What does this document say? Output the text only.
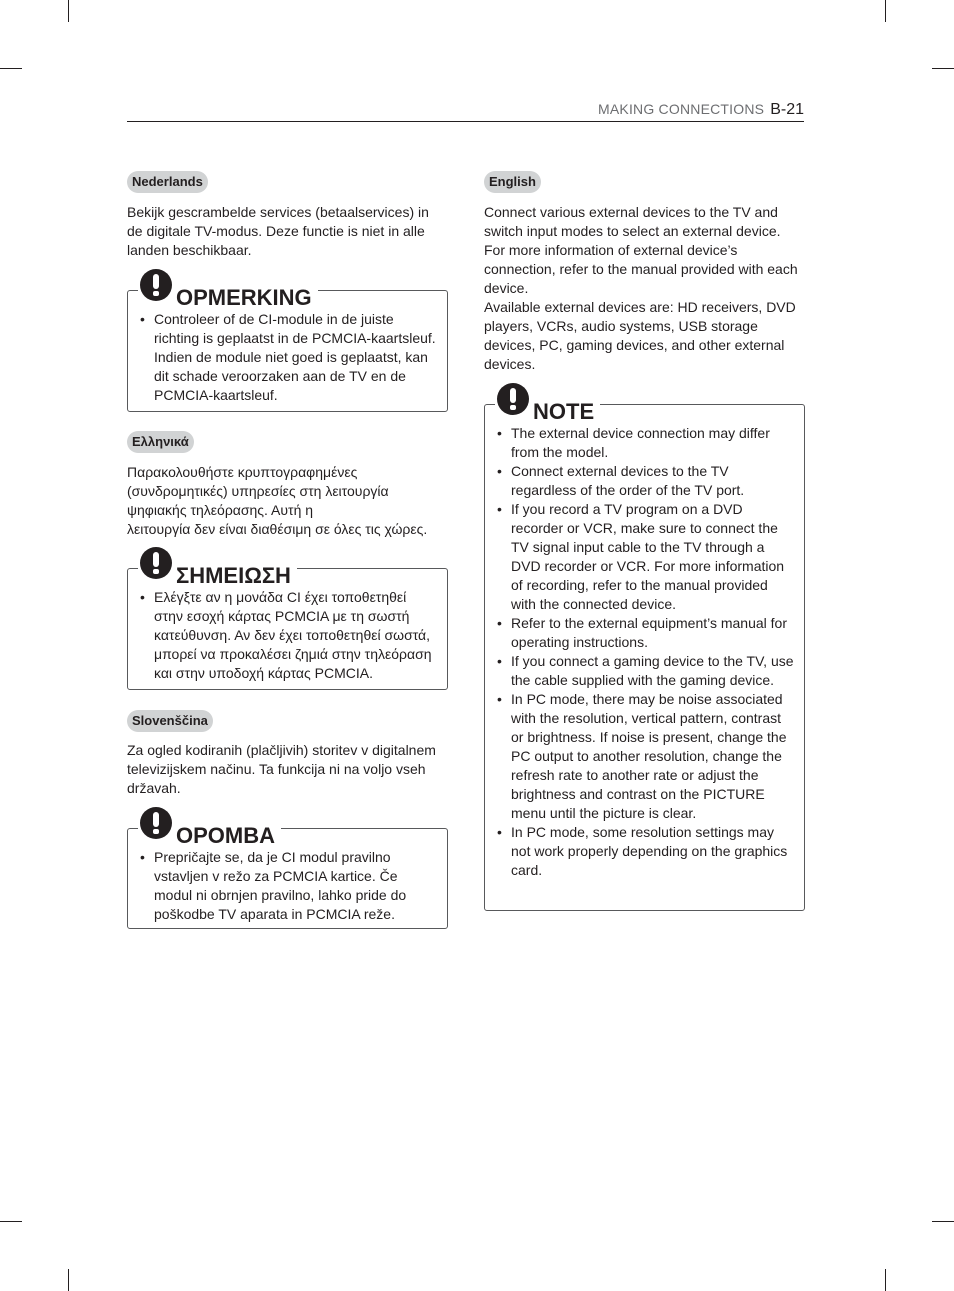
MAKING CONNECTIONS B-21
Nederlands

Bekijk gescrambelde services (betaalservices) in de digitale TV-modus. Deze functie is niet in alle landen beschikbaar.

OPMERKING
• Controleer of de CI-module in de juiste richting is geplaatst in de PCMCIA-kaartsleuf. Indien de module niet goed is geplaatst, kan dit schade veroorzaken aan de TV en de PCMCIA-kaartsleuf.
Ελληνικά

Παρακολουθήστε κρυπτογραφημένες
(συνδρομητικές) υπηρεσίες στη λειτουργία
ψηφιακής τηλεόρασης. Αυτή η
λειτουργία δεν είναι διαθέσιμη σε όλες τις χώρες.

ΣΗΜΕΙΩΣΗ
• Ελέγξτε αν η μονάδα CI έχει τοποθετηθεί στην εσοχή κάρτας PCMCIA με τη σωστή κατεύθυνση. Αν δεν έχει τοποθετηθεί σωστά, μπορεί να προκαλέσει ζημιά στην τηλεόραση και στην υποδοχή κάρτας PCMCIA.
Slovenščina

Za ogled kodiranih (plačljivih) storitev v digitalnem televizijskem načinu. Ta funkcija ni na voljo vseh državah.

OPOMBA
• Prepričajte se, da je CI modul pravilno vstavljen v režo za PCMCIA kartice. Če modul ni obrnjen pravilno, lahko pride do poškodbe TV aparata in PCMCIA reže.
English

Connect various external devices to the TV and switch input modes to select an external device. For more information of external device’s connection, refer to the manual provided with each device.

Available external devices are: HD receivers, DVD players, VCRs, audio systems, USB storage devices, PC, gaming devices, and other external devices.

NOTE
• The external device connection may differ from the model.
• Connect external devices to the TV regardless of the order of the TV port.
• If you record a TV program on a DVD recorder or VCR, make sure to connect the TV signal input cable to the TV through a DVD recorder or VCR. For more information of recording, refer to the manual provided with the connected device.
• Refer to the external equipment’s manual for operating instructions.
• If you connect a gaming device to the TV, use the cable supplied with the gaming device.
• In PC mode, there may be noise associated with the resolution, vertical pattern, contrast or brightness. If noise is present, change the PC output to another resolution, change the refresh rate to another rate or adjust the brightness and contrast on the PICTURE menu until the picture is clear.
• In PC mode, some resolution settings may not work properly depending on the graphics card.
